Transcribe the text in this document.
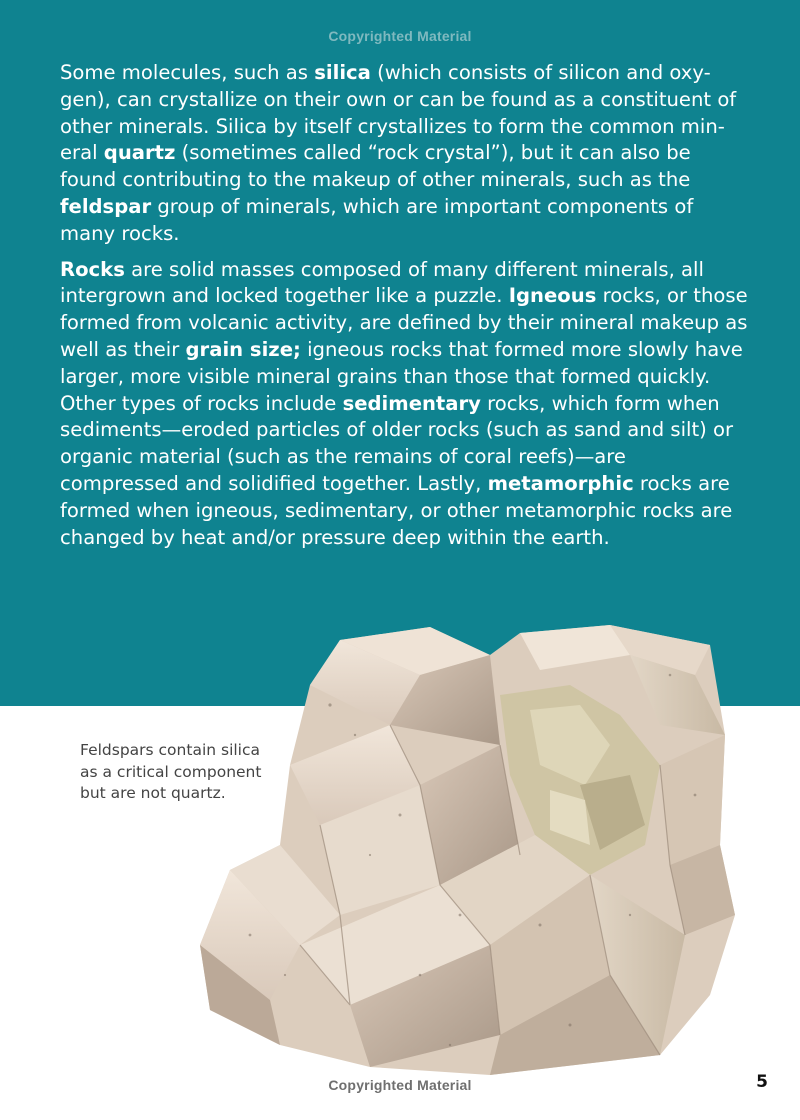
Copyrighted Material

Some molecules, such as silica (which consists of silicon and oxy-gen), can crystallize on their own or can be found as a constituent of other minerals. Silica by itself crystallizes to form the common min-eral quartz (sometimes called “rock crystal”), but it can also be found contributing to the makeup of other minerals, such as the feldspar group of minerals, which are important components of many rocks.

Rocks are solid masses composed of many different minerals, all intergrown and locked together like a puzzle. Igneous rocks, or those formed from volcanic activity, are defined by their mineral makeup as well as their grain size; igneous rocks that formed more slowly have larger, more visible mineral grains than those that formed quickly. Other types of rocks include sedimentary rocks, which form when sediments—eroded particles of older rocks (such as sand and silt) or organic material (such as the remains of coral reefs)—are compressed and solidified together. Lastly, metamorphic rocks are formed when igneous, sedimentary, or other metamorphic rocks are changed by heat and/or pressure deep within the earth.

Feldspars contain silica as a critical component but are not quartz.
Copyrighted Material	5
